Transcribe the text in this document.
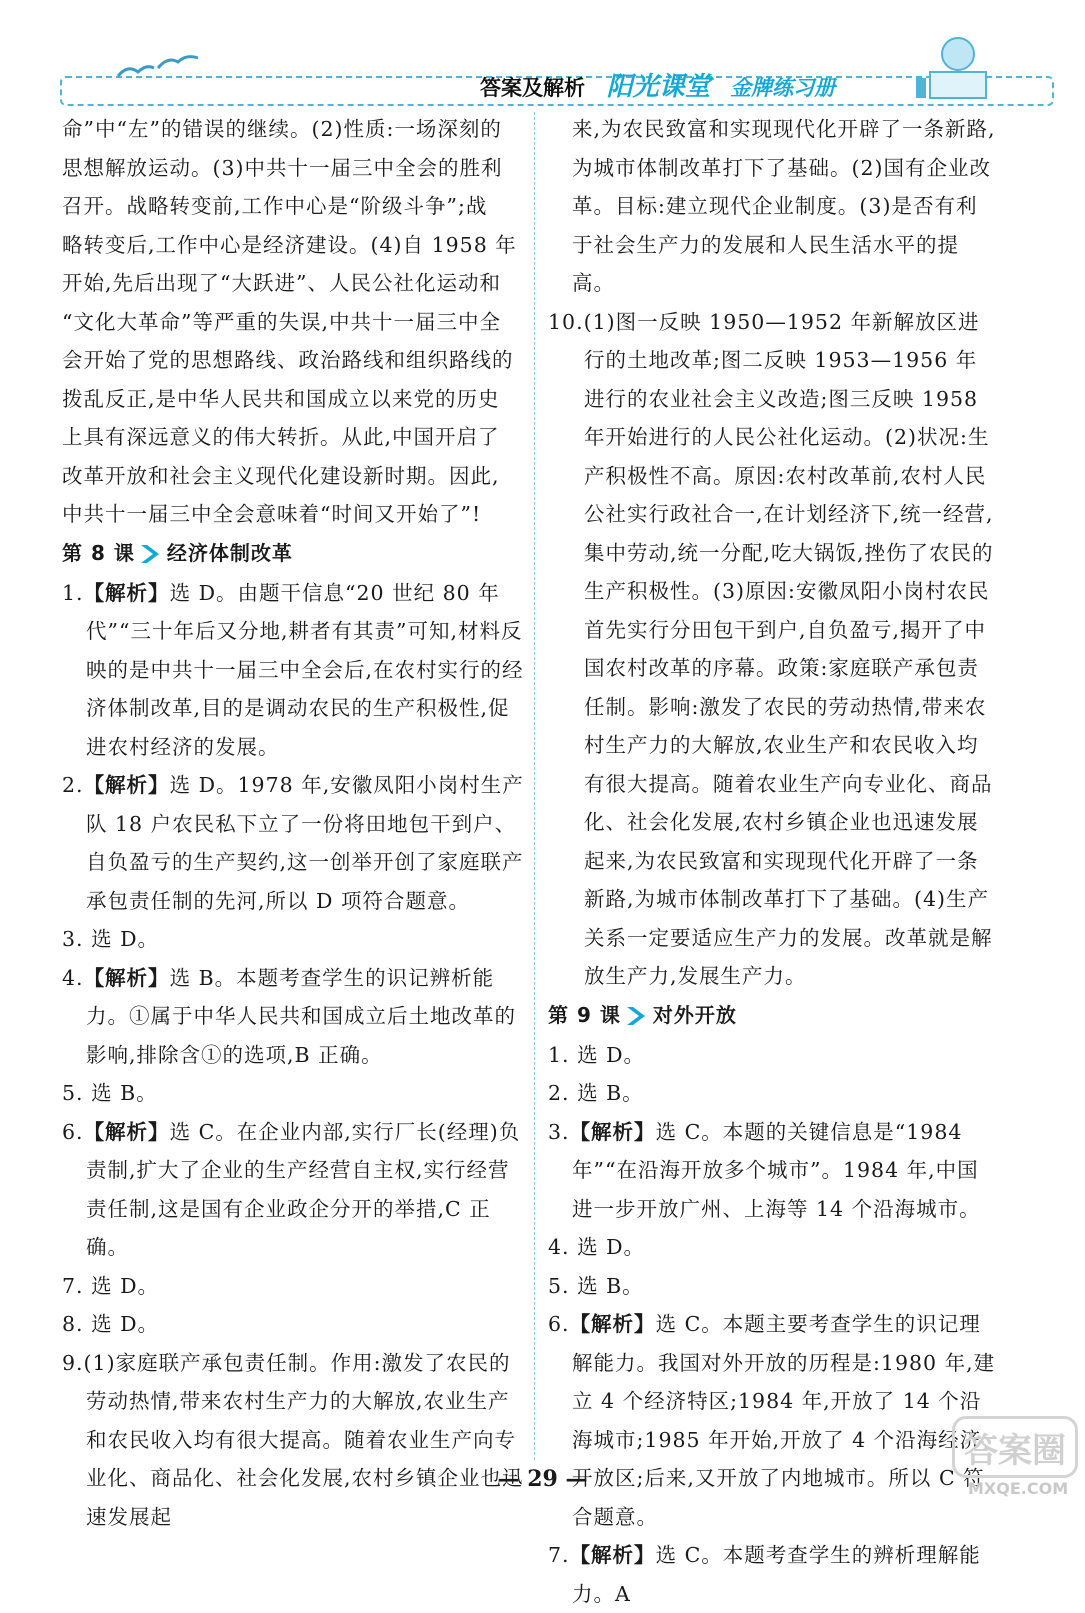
答案及解析 阳光课堂 金牌练习册

命”中“左”的错误的继续。(2)性质:一场深刻的

思想解放运动。(3)中共十一届三中全会的胜利

召开。战略转变前,工作中心是“阶级斗争”;战

略转变后,工作中心是经济建设。(4)自 1958 年

开始,先后出现了“大跃进”、人民公社化运动和

“文化大革命”等严重的失误,中共十一届三中全

会开始了党的思想路线、政治路线和组织路线的

拨乱反正,是中华人民共和国成立以来党的历史

上具有深远意义的伟大转折。从此,中国开启了

改革开放和社会主义现代化建设新时期。因此,

中共十一届三中全会意味着“时间又开始了”!

第 8 课 经济体制改革

1.【解析】选 D。由题干信息“20 世纪 80 年代”“三十年后又分地,耕者有其责”可知,材料反映的是中共十一届三中全会后,在农村实行的经济体制改革,目的是调动农民的生产积极性,促进农村经济的发展。

2.【解析】选 D。1978 年,安徽凤阳小岗村生产队 18 户农民私下立了一份将田地包干到户、自负盈亏的生产契约,这一创举开创了家庭联产承包责任制的先河,所以 D 项符合题意。

3. 选 D。

4.【解析】选 B。本题考查学生的识记辨析能力。①属于中华人民共和国成立后土地改革的影响,排除含①的选项,B 正确。

5. 选 B。

6.【解析】选 C。在企业内部,实行厂长(经理)负责制,扩大了企业的生产经营自主权,实行经营责任制,这是国有企业政企分开的举措,C 正确。

7. 选 D。

8. 选 D。

9.(1)家庭联产承包责任制。作用:激发了农民的劳动热情,带来农村生产力的大解放,农业生产和农民收入均有很大提高。随着农业生产向专业化、商品化、社会化发展,农村乡镇企业也迅速发展起

来,为农民致富和实现现代化开辟了一条新路,为城市体制改革打下了基础。(2)国有企业改革。目标:建立现代企业制度。(3)是否有利于社会生产力的发展和人民生活水平的提高。

10.(1)图一反映 1950—1952 年新解放区进行的土地改革;图二反映 1953—1956 年进行的农业社会主义改造;图三反映 1958 年开始进行的人民公社化运动。(2)状况:生产积极性不高。原因:农村改革前,农村人民公社实行政社合一,在计划经济下,统一经营,集中劳动,统一分配,吃大锅饭,挫伤了农民的生产积极性。(3)原因:安徽凤阳小岗村农民首先实行分田包干到户,自负盈亏,揭开了中国农村改革的序幕。政策:家庭联产承包责任制。影响:激发了农民的劳动热情,带来农村生产力的大解放,农业生产和农民收入均有很大提高。随着农业生产向专业化、商品化、社会化发展,农村乡镇企业也迅速发展起来,为农民致富和实现现代化开辟了一条新路,为城市体制改革打下了基础。(4)生产关系一定要适应生产力的发展。改革就是解放生产力,发展生产力。

第 9 课 对外开放

1. 选 D。

2. 选 B。

3.【解析】选 C。本题的关键信息是“1984 年”“在沿海开放多个城市”。1984 年,中国进一步开放广州、上海等 14 个沿海城市。

4. 选 D。

5. 选 B。

6.【解析】选 C。本题主要考查学生的识记理解能力。我国对外开放的历程是:1980 年,建立 4 个经济特区;1984 年,开放了 14 个沿海城市;1985 年开始,开放了 4 个沿海经济开放区;后来,又开放了内地城市。所以 C 符合题意。

7.【解析】选 C。本题考查学生的辨析理解能力。A

— 29 —
答案圈
MXQE.COM
